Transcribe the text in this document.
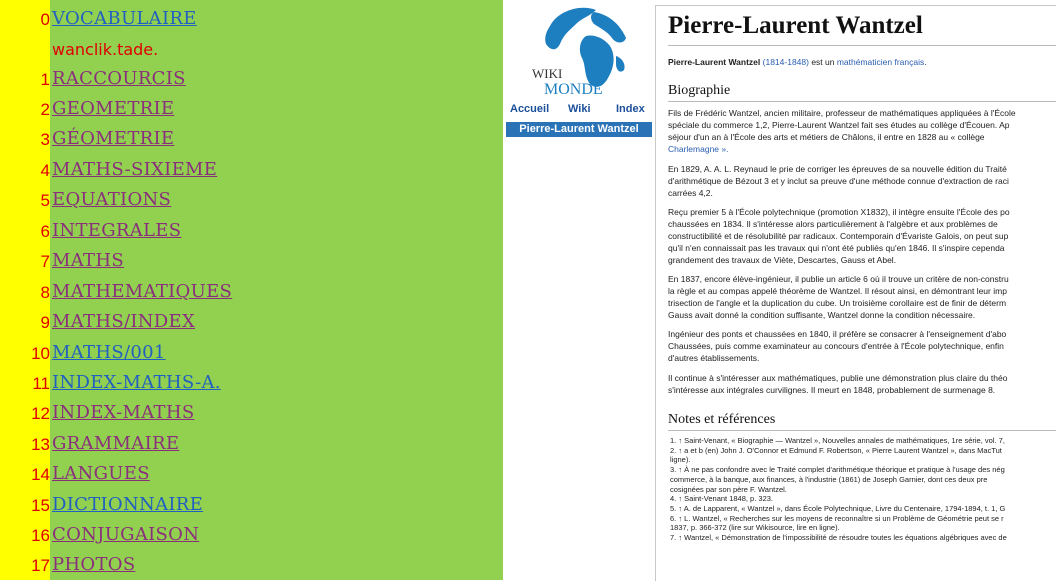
0 VOCABULAIRE
wanclik.tade.
1 RACCOURCIS
2 GEOMETRIE
3 GÉOMETRIE
4 MATHS-SIXIEME
5 EQUATIONS
6 INTEGRALES
7 MATHS
8 MATHEMATIQUES
9 MATHS/INDEX
10 MATHS/001
11 INDEX-MATHS-A.
12 INDEX-MATHS
13 GRAMMAIRE
14 LANGUES
15 DICTIONNAIRE
16 CONJUGAISON
17 PHOTOS
WIKI
MONDE
Accueil Wiki Index
Pierre-Laurent Wantzel
Pierre-Laurent Wantzel
Pierre-Laurent Wantzel (1814-1848) est un mathématicien français.
Biographie
Fils de Frédéric Wantzel, ancien militaire, professeur de mathématiques appliquées à l'École
spéciale du commerce 1,2, Pierre-Laurent Wantzel fait ses études au collège d'Écouen. Ap
séjour d'un an à l'École des arts et métiers de Châlons, il entre en 1828 au « collège
Charlemagne ».
En 1829, A. A. L. Reynaud le prie de corriger les épreuves de sa nouvelle édition du Traité
d'arithmétique de Bézout 3 et y inclut sa preuve d'une méthode connue d'extraction de raci
carrées 4,2.
Reçu premier 5 à l'École polytechnique (promotion X1832), il intègre ensuite l'École des po
chaussées en 1834. Il s'intéresse alors particulièrement à l'algèbre et aux problèmes de
constructibilité et de résolubilité par radicaux. Contemporain d'Évariste Galois, on peut sup
qu'il n'en connaissait pas les travaux qui n'ont été publiés qu'en 1846. Il s'inspire cependa
grandement des travaux de Viète, Descartes, Gauss et Abel.
En 1837, encore élève-ingénieur, il publie un article 6 où il trouve un critère de non-constru
la règle et au compas appelé théorème de Wantzel. Il résout ainsi, en démontrant leur imp
trisection de l'angle et la duplication du cube. Un troisième corollaire est de finir de déterm
Gauss avait donné la condition suffisante, Wantzel donne la condition nécessaire.
Ingénieur des ponts et chaussées en 1840, il préfère se consacrer à l'enseignement d'abo
Chaussées, puis comme examinateur au concours d'entrée à l'École polytechnique, enfin
d'autres établissements.
Il continue à s'intéresser aux mathématiques, publie une démonstration plus claire du théo
s'intéresse aux intégrales curvilignes. Il meurt en 1848, probablement de surmenage 8.
Notes et références
1. ↑ Saint-Venant, « Biographie — Wantzel », Nouvelles annales de mathématiques, 1re série, vol. 7,
2. ↑ a et b (en) John J. O'Connor et Edmund F. Robertson, « Pierre Laurent Wantzel », dans MacTut
ligne).
3. ↑ À ne pas confondre avec le Traité complet d'arithmétique théorique et pratique à l'usage des nég
commerce, à la banque, aux finances, à l'industrie (1861) de Joseph Garnier, dont ces deux pre
cosignées par son père F. Wantzel.
4. ↑ Saint-Venant 1848, p. 323.
5. ↑ A. de Lapparent, « Wantzel », dans École Polytechnique, Livre du Centenaire, 1794-1894, t. 1, G
6. ↑ L. Wantzel, « Recherches sur les moyens de reconnaître si un Problème de Géométrie peut se r
1837, p. 366-372 (lire sur Wikisource, lire en ligne).
7. ↑ Wantzel, « Démonstration de l'impossibilité de résoudre toutes les équations algébriques avec de
